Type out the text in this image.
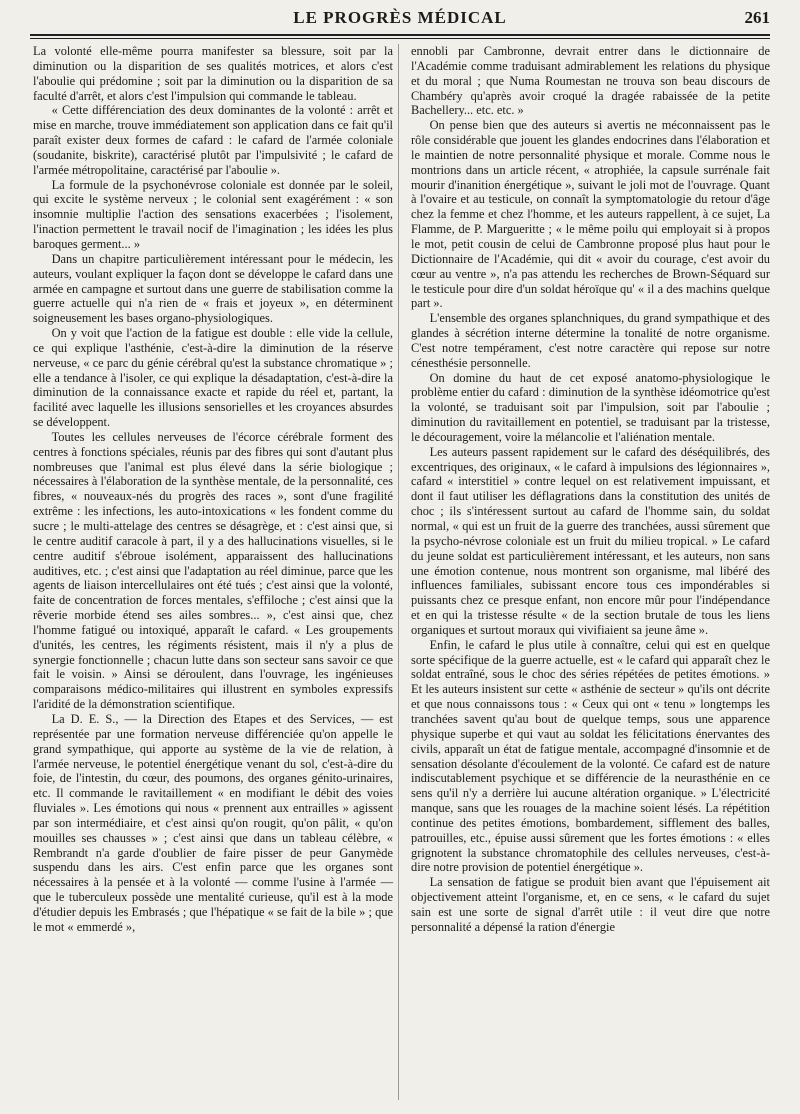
LE PROGRÈS MÉDICAL	261

La volonté elle-même pourra manifester sa blessure, soit par la diminution ou la disparition de ses qualités motrices, et alors c'est l'aboulie qui prédomine ; soit par la diminution ou la disparition de sa faculté d'arrêt, et alors c'est l'impulsion qui commande le tableau.

« Cette différenciation des deux dominantes de la volonté : arrêt et mise en marche, trouve immédiatement son application dans ce fait qu'il paraît exister deux formes de cafard : le cafard de l'armée coloniale (soudanite, biskrite), caractérisé plutôt par l'impulsivité ; le cafard de l'armée métropolitaine, caractérisé par l'aboulie ».

La formule de la psychonévrose coloniale est donnée par le soleil, qui excite le système nerveux ; le colonial sent exagérément : « son insomnie multiplie l'action des sensations exacerbées ; l'isolement, l'inaction permettent le travail nocif de l'imagination ; les idées les plus baroques germent... »

Dans un chapitre particulièrement intéressant pour le médecin, les auteurs, voulant expliquer la façon dont se développe le cafard dans une armée en campagne et surtout dans une guerre de stabilisation comme la guerre actuelle qui n'a rien de « frais et joyeux », en déterminent soigneusement les bases organo-physiologiques.

On y voit que l'action de la fatigue est double : elle vide la cellule, ce qui explique l'asthénie, c'est-à-dire la diminution de la réserve nerveuse, « ce parc du génie cérébral qu'est la substance chromatique » ; elle a tendance à l'isoler, ce qui explique la désadaptation, c'est-à-dire la diminution de la connaissance exacte et rapide du réel et, partant, la facilité avec laquelle les illusions sensorielles et les croyances absurdes se développent.

Toutes les cellules nerveuses de l'écorce cérébrale forment des centres à fonctions spéciales, réunis par des fibres qui sont d'autant plus nombreuses que l'animal est plus élevé dans la série biologique ; nécessaires à l'élaboration de la synthèse mentale, de la personnalité, ces fibres, « nouveaux-nés du progrès des races », sont d'une fragilité extrême : les infections, les auto-intoxications « les fondent comme du sucre ; le multi-attelage des centres se désagrège, et : c'est ainsi que, si le centre auditif caracole à part, il y a des hallucinations visuelles, si le centre auditif s'ébroue isolément, apparaissent des hallucinations auditives, etc. ; c'est ainsi que l'adaptation au réel diminue, parce que les agents de liaison intercellulaires ont été tués ; c'est ainsi que la volonté, faite de concentration de forces mentales, s'effiloche ; c'est ainsi que la rêverie morbide étend ses ailes sombres... », c'est ainsi que, chez l'homme fatigué ou intoxiqué, apparaît le cafard. « Les groupements d'unités, les centres, les régiments résistent, mais il n'y a plus de synergie fonctionnelle ; chacun lutte dans son secteur sans savoir ce que fait le voisin. » Ainsi se déroulent, dans l'ouvrage, les ingénieuses comparaisons médico-militaires qui illustrent en symboles expressifs l'aridité de la démonstration scientifique.

La D. E. S., — la Direction des Etapes et des Services, — est représentée par une formation nerveuse différenciée qu'on appelle le grand sympathique, qui apporte au système de la vie de relation, à l'armée nerveuse, le potentiel énergétique venant du sol, c'est-à-dire du foie, de l'intestin, du cœur, des poumons, des organes génito-urinaires, etc. Il commande le ravitaillement « en modifiant le débit des voies fluviales ». Les émotions qui nous « prennent aux entrailles » agissent par son intermédiaire, et c'est ainsi qu'on rougit, qu'on pâlit, « qu'on mouilles ses chausses » ; c'est ainsi que dans un tableau célèbre, « Rembrandt n'a garde d'oublier de faire pisser de peur Ganymède suspendu dans les airs. C'est enfin parce que les organes sont nécessaires à la pensée et à la volonté — comme l'usine à l'armée — que le tuberculeux possède une mentalité curieuse, qu'il est à la mode d'étudier depuis les Embrasés ; que l'hépatique « se fait de la bile » ; que le mot « emmerdé »,

ennobli par Cambronne, devrait entrer dans le dictionnaire de l'Académie comme traduisant admirablement les relations du physique et du moral ; que Numa Roumestan ne trouva son beau discours de Chambéry qu'après avoir croqué la dragée rabaissée de la petite Bachellery... etc. etc. »

On pense bien que des auteurs si avertis ne méconnaissent pas le rôle considérable que jouent les glandes endocrines dans l'élaboration et le maintien de notre personnalité physique et morale. Comme nous le montrions dans un article récent, « atrophiée, la capsule surrénale fait mourir d'inanition énergétique », suivant le joli mot de l'ouvrage. Quant à l'ovaire et au testicule, on connaît la symptomatologie du retour d'âge chez la femme et chez l'homme, et les auteurs rappellent, à ce sujet, La Flamme, de P. Margueritte ; « le même poilu qui employait si à propos le mot, petit cousin de celui de Cambronne proposé plus haut pour le Dictionnaire de l'Académie, qui dit « avoir du courage, c'est avoir du cœur au ventre », n'a pas attendu les recherches de Brown-Séquard sur le testicule pour dire d'un soldat héroïque qu' « il a des machins quelque part ».

L'ensemble des organes splanchniques, du grand sympathique et des glandes à sécrétion interne détermine la tonalité de notre organisme. C'est notre tempérament, c'est notre caractère qui repose sur notre cénesthésie personnelle.

On domine du haut de cet exposé anatomo-physiologique le problème entier du cafard : diminution de la synthèse idéomotrice qu'est la volonté, se traduisant soit par l'impulsion, soit par l'aboulie ; diminution du ravitaillement en potentiel, se traduisant par la tristesse, le découragement, voire la mélancolie et l'aliénation mentale.

Les auteurs passent rapidement sur le cafard des déséquilibrés, des excentriques, des originaux, « le cafard à impulsions des légionnaires », cafard « interstitiel » contre lequel on est relativement impuissant, et dont il faut utiliser les déflagrations dans la constitution des unités de choc ; ils s'intéressent surtout au cafard de l'homme sain, du soldat normal, « qui est un fruit de la guerre des tranchées, aussi sûrement que la psycho-névrose coloniale est un fruit du milieu tropical. » Le cafard du jeune soldat est particulièrement intéressant, et les auteurs, non sans une émotion contenue, nous montrent son organisme, mal libéré des influences familiales, subissant encore tous ces impondérables si puissants chez ce presque enfant, non encore mûr pour l'indépendance et en qui la tristesse résulte « de la section brutale de tous les liens organiques et surtout moraux qui vivifiaient sa jeune âme ».

Enfin, le cafard le plus utile à connaître, celui qui est en quelque sorte spécifique de la guerre actuelle, est « le cafard qui apparaît chez le soldat entraîné, sous le choc des séries répétées de petites émotions. » Et les auteurs insistent sur cette « asthénie de secteur » qu'ils ont décrite et que nous connaissons tous : « Ceux qui ont « tenu » longtemps les tranchées savent qu'au bout de quelque temps, sous une apparence physique superbe et qui vaut au soldat les félicitations énervantes des civils, apparaît un état de fatigue mentale, accompagné d'insomnie et de sensation désolante d'écoulement de la volonté. Ce cafard est de nature indiscutablement psychique et se différencie de la neurasthénie en ce sens qu'il n'y a derrière lui aucune altération organique. » L'électricité manque, sans que les rouages de la machine soient lésés. La répétition continue des petites émotions, bombardement, sifflement des balles, patrouilles, etc., épuise aussi sûrement que les fortes émotions : « elles grignotent la substance chromatophile des cellules nerveuses, c'est-à-dire notre provision de potentiel énergétique ».

La sensation de fatigue se produit bien avant que l'épuisement ait objectivement atteint l'organisme, et, en ce sens, « le cafard du sujet sain est une sorte de signal d'arrêt utile : il veut dire que notre personnalité a dépensé la ration d'énergie
